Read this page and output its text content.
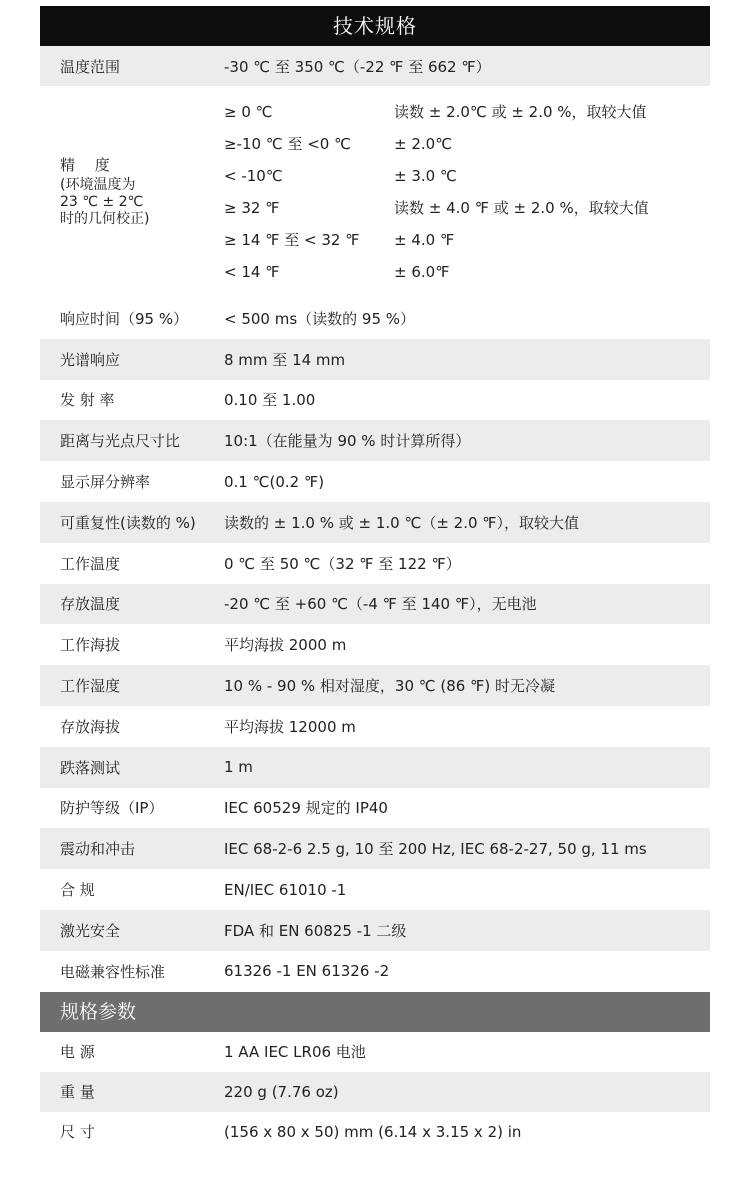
技术规格
温度范围	-30 ℃ 至 350 ℃（-22 ℉ 至 662 ℉）
精　 度
(环境温度为
23 ℃ ± 2℃
时的几何校正)
≥ 0 ℃	读数 ± 2.0℃ 或 ± 2.0 %，取较大值
≥-10 ℃ 至 <0 ℃	± 2.0℃
< -10℃	± 3.0 ℃
≥ 32 ℉	读数 ± 4.0 ℉ 或 ± 2.0 %，取较大值
≥ 14 ℉ 至 < 32 ℉	± 4.0 ℉
< 14 ℉	± 6.0℉
响应时间（95 %）	< 500 ms（读数的 95 %）
光谱响应	8 mm 至 14 mm
发 射 率	0.10 至 1.00
距离与光点尺寸比	10:1（在能量为 90 % 时计算所得）
显示屏分辨率	0.1 ℃(0.2 ℉)
可重复性(读数的 %)	读数的 ± 1.0 % 或 ± 1.0 ℃（± 2.0 ℉），取较大值
工作温度	0 ℃ 至 50 ℃（32 ℉ 至 122 ℉）
存放温度	-20 ℃ 至 +60 ℃（-4 ℉ 至 140 ℉），无电池
工作海拔	平均海拔 2000 m
工作湿度	10 % - 90 % 相对湿度，30 ℃ (86 ℉) 时无冷凝
存放海拔	平均海拔 12000 m
跌落测试	1 m
防护等级（IP）	IEC 60529 规定的 IP40
震动和冲击	IEC 68-2-6 2.5 g, 10 至 200 Hz, IEC 68-2-27, 50 g, 11 ms
合 规	EN/IEC 61010 -1
激光安全	FDA 和 EN 60825 -1 二级
电磁兼容性标准	61326 -1 EN 61326 -2
规格参数
电 源	1 AA IEC LR06 电池
重 量	220 g (7.76 oz)
尺 寸	(156 x 80 x 50) mm (6.14 x 3.15 x 2) in
